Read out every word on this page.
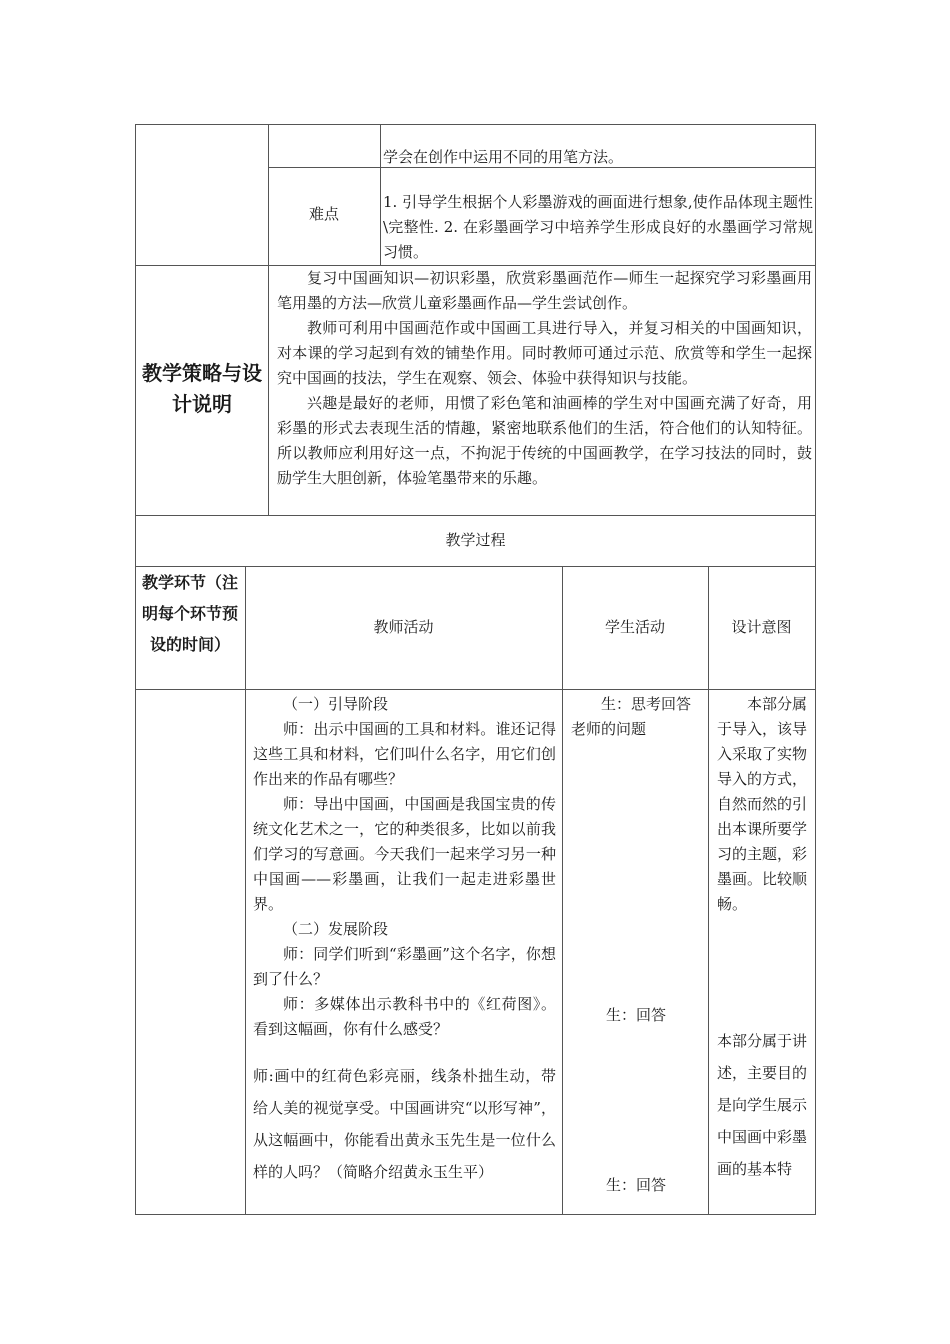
学会在创作中运用不同的用笔方法。
难点
1. 引导学生根据个人彩墨游戏的画面进行想象,使作品体现主题性\完整性. 2. 在彩墨画学习中培养学生形成良好的水墨画学习常规习惯。
教学策略与设计说明

复习中国画知识—初识彩墨，欣赏彩墨画范作—师生一起探究学习彩墨画用笔用墨的方法—欣赏儿童彩墨画作品—学生尝试创作。

教师可利用中国画范作或中国画工具进行导入，并复习相关的中国画知识，对本课的学习起到有效的铺垫作用。同时教师可通过示范、欣赏等和学生一起探究中国画的技法，学生在观察、领会、体验中获得知识与技能。

兴趣是最好的老师，用惯了彩色笔和油画棒的学生对中国画充满了好奇，用彩墨的形式去表现生活的情趣，紧密地联系他们的生活，符合他们的认知特征。所以教师应利用好这一点，不拘泥于传统的中国画教学，在学习技法的同时，鼓励学生大胆创新，体验笔墨带来的乐趣。

教学过程
教学环节（注明每个环节预设的时间）
教师活动	学生活动	设计意图

（一）引导阶段

师：出示中国画的工具和材料。谁还记得这些工具和材料，它们叫什么名字，用它们创作出来的作品有哪些？

师：导出中国画，中国画是我国宝贵的传统文化艺术之一，它的种类很多，比如以前我们学习的写意画。今天我们一起来学习另一种中国画——彩墨画，让我们一起走进彩墨世界。

（二）发展阶段

师：同学们听到“彩墨画”这个名字，你想到了什么？

师：多媒体出示教科书中的《红荷图》。看到这幅画，你有什么感受？

师:画中的红荷色彩亮丽，线条朴拙生动，带给人美的视觉享受。中国画讲究“以形写神”，从这幅画中，你能看出黄永玉先生是一位什么样的人吗？（简略介绍黄永玉生平）
生：思考回答老师的问题
生：回答
生：回答
本部分属于导入，该导入采取了实物导入的方式，自然而然的引出本课所要学习的主题，彩墨画。比较顺畅。
本部分属于讲述，主要目的是向学生展示中国画中彩墨画的基本特
